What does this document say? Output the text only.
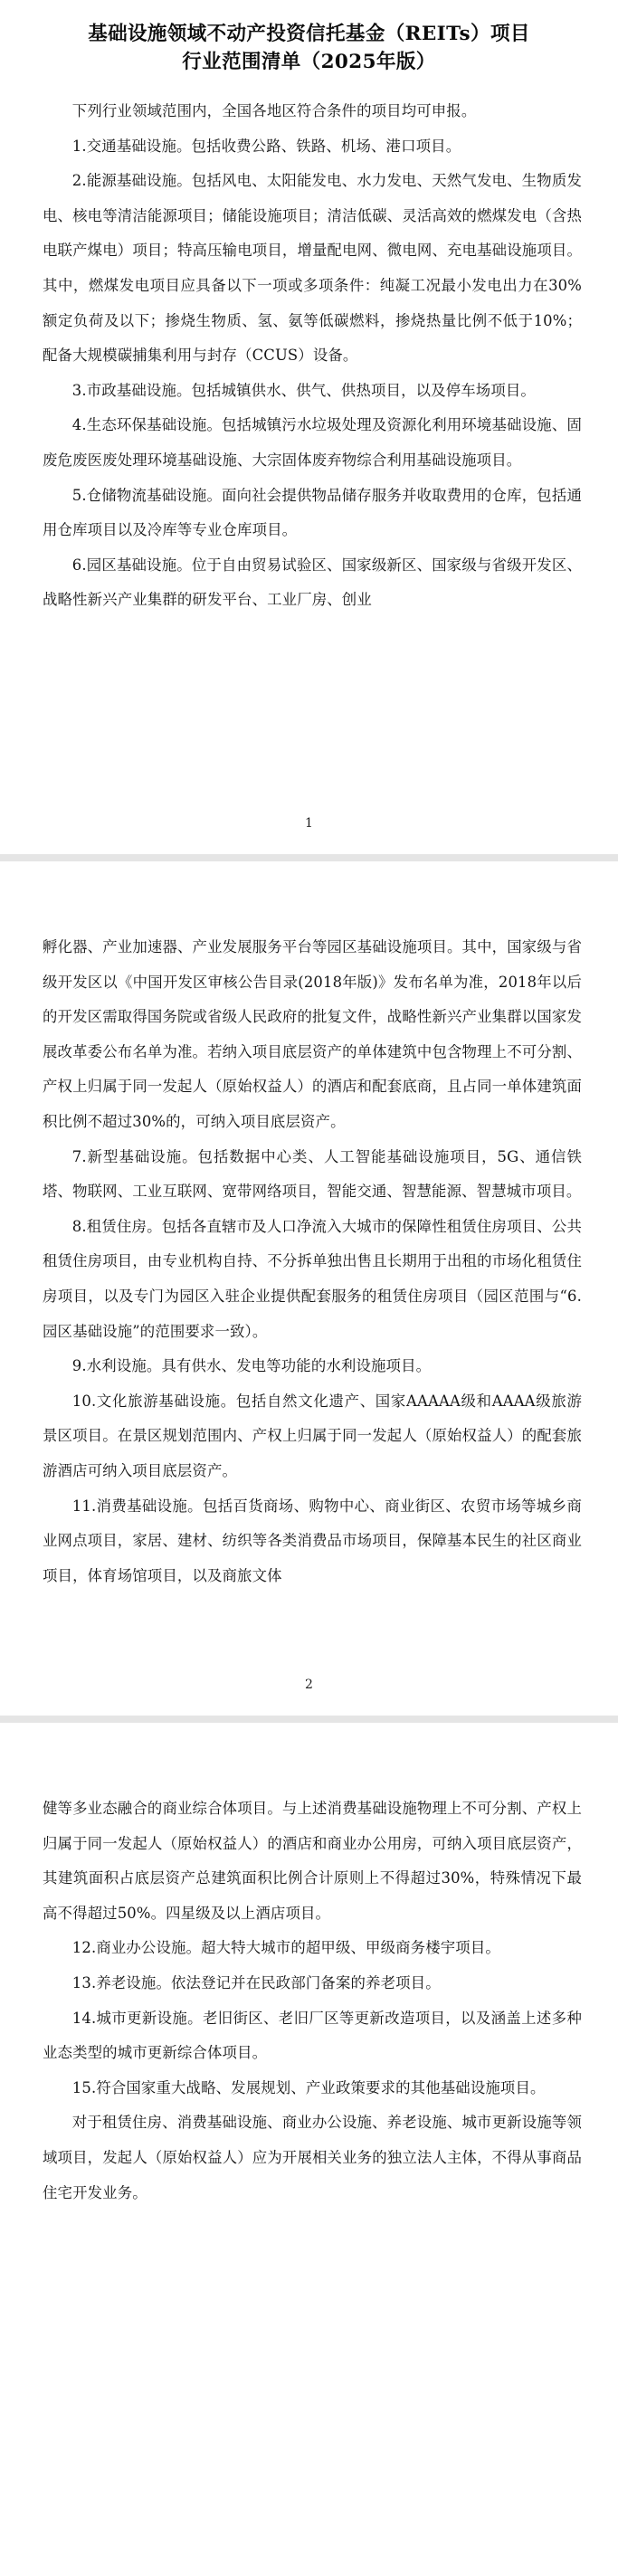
基础设施领域不动产投资信托基金（REITs）项目
行业范围清单（2025年版）

下列行业领域范围内，全国各地区符合条件的项目均可申报。

1.交通基础设施。包括收费公路、铁路、机场、港口项目。

2.能源基础设施。包括风电、太阳能发电、水力发电、天然气发电、生物质发电、核电等清洁能源项目；储能设施项目；清洁低碳、灵活高效的燃煤发电（含热电联产煤电）项目；特高压输电项目，增量配电网、微电网、充电基础设施项目。其中，燃煤发电项目应具备以下一项或多项条件：纯凝工况最小发电出力在30%额定负荷及以下；掺烧生物质、氢、氨等低碳燃料，掺烧热量比例不低于10%；配备大规模碳捕集利用与封存（CCUS）设备。

3.市政基础设施。包括城镇供水、供气、供热项目，以及停车场项目。

4.生态环保基础设施。包括城镇污水垃圾处理及资源化利用环境基础设施、固废危废医废处理环境基础设施、大宗固体废弃物综合利用基础设施项目。

5.仓储物流基础设施。面向社会提供物品储存服务并收取费用的仓库，包括通用仓库项目以及冷库等专业仓库项目。

6.园区基础设施。位于自由贸易试验区、国家级新区、国家级与省级开发区、战略性新兴产业集群的研发平台、工业厂房、创业

1

孵化器、产业加速器、产业发展服务平台等园区基础设施项目。其中，国家级与省级开发区以《中国开发区审核公告目录(2018年版)》发布名单为准，2018年以后的开发区需取得国务院或省级人民政府的批复文件，战略性新兴产业集群以国家发展改革委公布名单为准。若纳入项目底层资产的单体建筑中包含物理上不可分割、产权上归属于同一发起人（原始权益人）的酒店和配套底商，且占同一单体建筑面积比例不超过30%的，可纳入项目底层资产。

7.新型基础设施。包括数据中心类、人工智能基础设施项目，5G、通信铁塔、物联网、工业互联网、宽带网络项目，智能交通、智慧能源、智慧城市项目。

8.租赁住房。包括各直辖市及人口净流入大城市的保障性租赁住房项目、公共租赁住房项目，由专业机构自持、不分拆单独出售且长期用于出租的市场化租赁住房项目，以及专门为园区入驻企业提供配套服务的租赁住房项目（园区范围与“6.园区基础设施”的范围要求一致）。

9.水利设施。具有供水、发电等功能的水利设施项目。

10.文化旅游基础设施。包括自然文化遗产、国家AAAAA级和AAAA级旅游景区项目。在景区规划范围内、产权上归属于同一发起人（原始权益人）的配套旅游酒店可纳入项目底层资产。

11.消费基础设施。包括百货商场、购物中心、商业街区、农贸市场等城乡商业网点项目，家居、建材、纺织等各类消费品市场项目，保障基本民生的社区商业项目，体育场馆项目，以及商旅文体

2

健等多业态融合的商业综合体项目。与上述消费基础设施物理上不可分割、产权上归属于同一发起人（原始权益人）的酒店和商业办公用房，可纳入项目底层资产，其建筑面积占底层资产总建筑面积比例合计原则上不得超过30%，特殊情况下最高不得超过50%。四星级及以上酒店项目。

12.商业办公设施。超大特大城市的超甲级、甲级商务楼宇项目。

13.养老设施。依法登记并在民政部门备案的养老项目。

14.城市更新设施。老旧街区、老旧厂区等更新改造项目，以及涵盖上述多种业态类型的城市更新综合体项目。

15.符合国家重大战略、发展规划、产业政策要求的其他基础设施项目。

对于租赁住房、消费基础设施、商业办公设施、养老设施、城市更新设施等领域项目，发起人（原始权益人）应为开展相关业务的独立法人主体，不得从事商品住宅开发业务。
